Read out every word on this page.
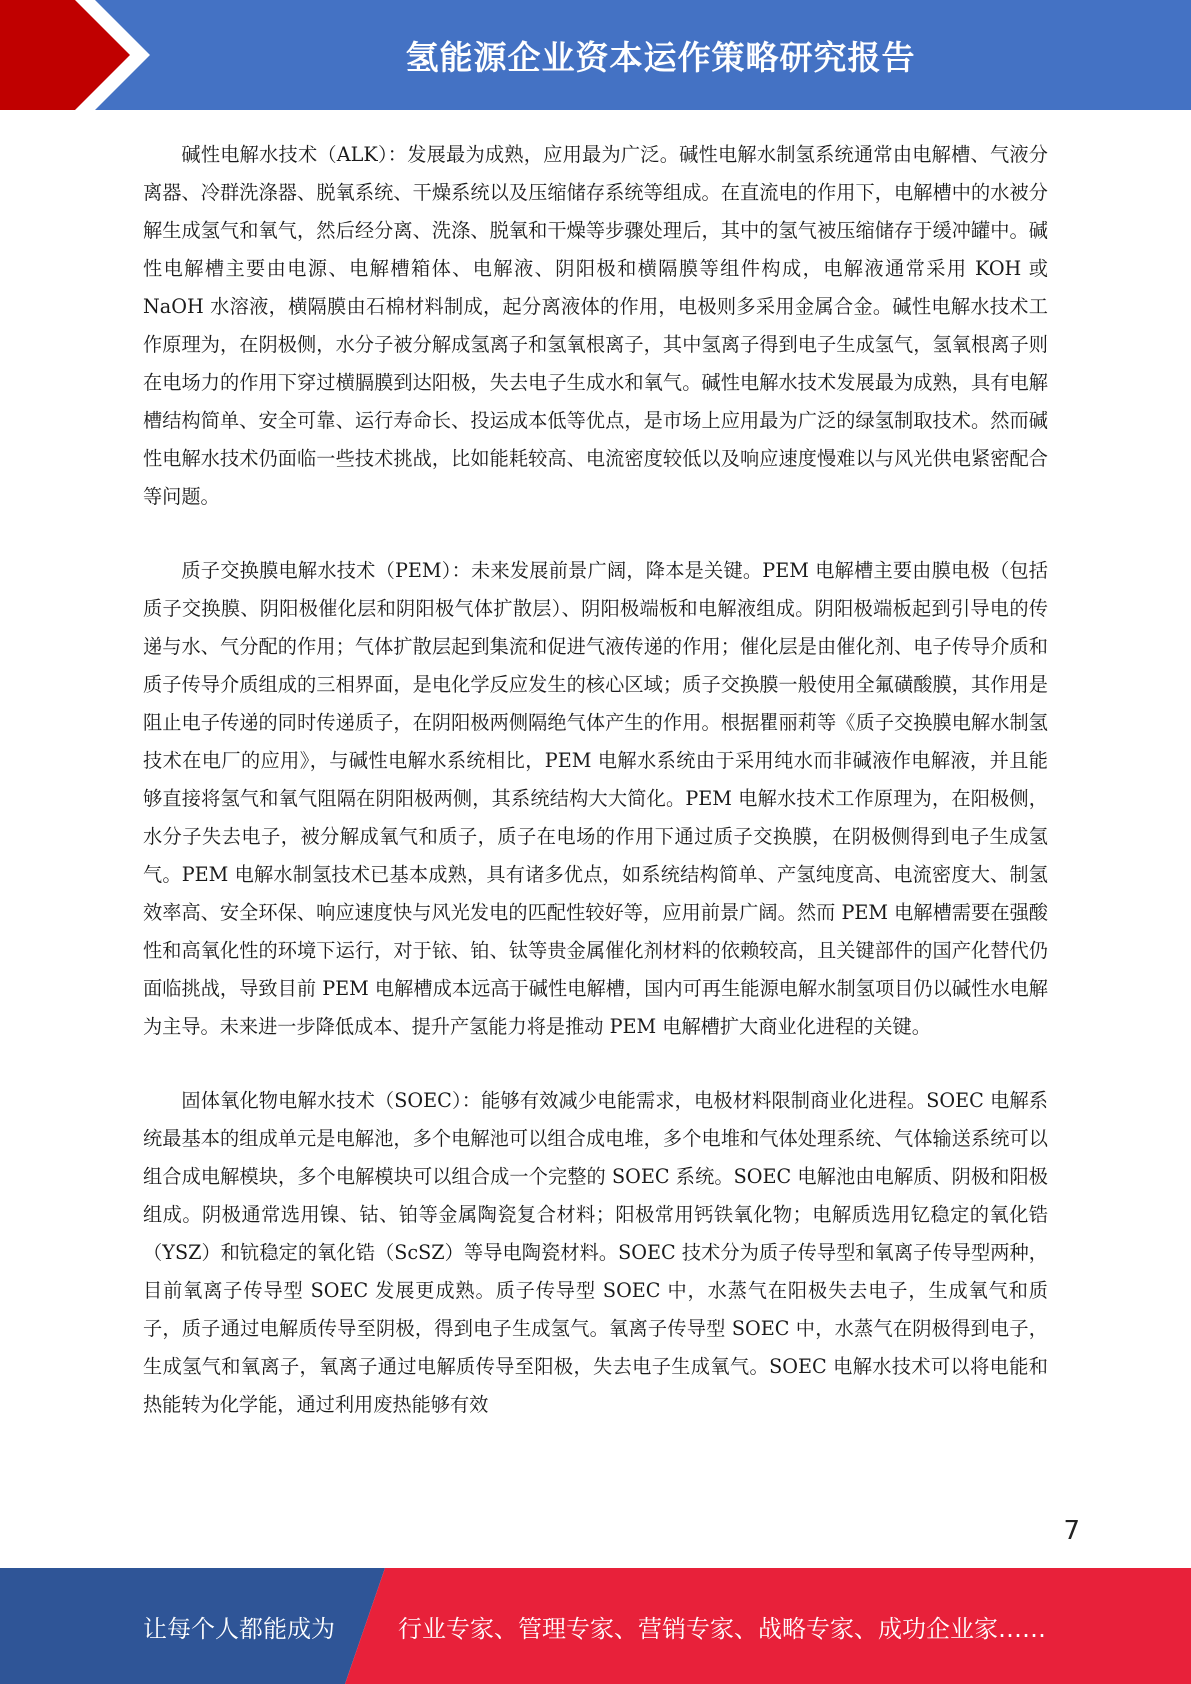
氢能源企业资本运作策略研究报告

碱性电解水技术（ALK）：发展最为成熟，应用最为广泛。碱性电解水制氢系统通常由电解槽、气液分离器、冷群洗涤器、脱氧系统、干燥系统以及压缩储存系统等组成。在直流电的作用下，电解槽中的水被分解生成氢气和氧气，然后经分离、洗涤、脱氧和干燥等步骤处理后，其中的氢气被压缩储存于缓冲罐中。碱性电解槽主要由电源、电解槽箱体、电解液、阴阳极和横隔膜等组件构成，电解液通常采用 KOH 或 NaOH 水溶液，横隔膜由石棉材料制成，起分离液体的作用，电极则多采用金属合金。碱性电解水技术工作原理为，在阴极侧，水分子被分解成氢离子和氢氧根离子，其中氢离子得到电子生成氢气，氢氧根离子则在电场力的作用下穿过横膈膜到达阳极，失去电子生成水和氧气。碱性电解水技术发展最为成熟，具有电解槽结构简单、安全可靠、运行寿命长、投运成本低等优点，是市场上应用最为广泛的绿氢制取技术。然而碱性电解水技术仍面临一些技术挑战，比如能耗较高、电流密度较低以及响应速度慢难以与风光供电紧密配合等问题。

质子交换膜电解水技术（PEM）：未来发展前景广阔，降本是关键。PEM 电解槽主要由膜电极（包括质子交换膜、阴阳极催化层和阴阳极气体扩散层）、阴阳极端板和电解液组成。阴阳极端板起到引导电的传递与水、气分配的作用；气体扩散层起到集流和促进气液传递的作用；催化层是由催化剂、电子传导介质和质子传导介质组成的三相界面，是电化学反应发生的核心区域；质子交换膜一般使用全氟磺酸膜，其作用是阻止电子传递的同时传递质子，在阴阳极两侧隔绝气体产生的作用。根据瞿丽莉等《质子交换膜电解水制氢技术在电厂的应用》，与碱性电解水系统相比，PEM 电解水系统由于采用纯水而非碱液作电解液，并且能够直接将氢气和氧气阻隔在阴阳极两侧，其系统结构大大简化。PEM 电解水技术工作原理为，在阳极侧，水分子失去电子，被分解成氧气和质子，质子在电场的作用下通过质子交换膜，在阴极侧得到电子生成氢气。PEM 电解水制氢技术已基本成熟，具有诸多优点，如系统结构简单、产氢纯度高、电流密度大、制氢效率高、安全环保、响应速度快与风光发电的匹配性较好等，应用前景广阔。然而 PEM 电解槽需要在强酸性和高氧化性的环境下运行，对于铱、铂、钛等贵金属催化剂材料的依赖较高，且关键部件的国产化替代仍面临挑战，导致目前 PEM 电解槽成本远高于碱性电解槽，国内可再生能源电解水制氢项目仍以碱性水电解为主导。未来进一步降低成本、提升产氢能力将是推动 PEM 电解槽扩大商业化进程的关键。

固体氧化物电解水技术（SOEC）：能够有效减少电能需求，电极材料限制商业化进程。SOEC 电解系统最基本的组成单元是电解池，多个电解池可以组合成电堆，多个电堆和气体处理系统、气体输送系统可以组合成电解模块，多个电解模块可以组合成一个完整的 SOEC 系统。SOEC 电解池由电解质、阴极和阳极组成。阴极通常选用镍、钴、铂等金属陶瓷复合材料；阳极常用钙铁氧化物；电解质选用钇稳定的氧化锆（YSZ）和钪稳定的氧化锆（ScSZ）等导电陶瓷材料。SOEC 技术分为质子传导型和氧离子传导型两种，目前氧离子传导型 SOEC 发展更成熟。质子传导型 SOEC 中，水蒸气在阳极失去电子，生成氧气和质子，质子通过电解质传导至阴极，得到电子生成氢气。氧离子传导型 SOEC 中，水蒸气在阴极得到电子，生成氢气和氧离子，氧离子通过电解质传导至阳极，失去电子生成氧气。SOEC 电解水技术可以将电能和热能转为化学能，通过利用废热能够有效

7
让每个人都能成为	行业专家、管理专家、营销专家、战略专家、成功企业家……
